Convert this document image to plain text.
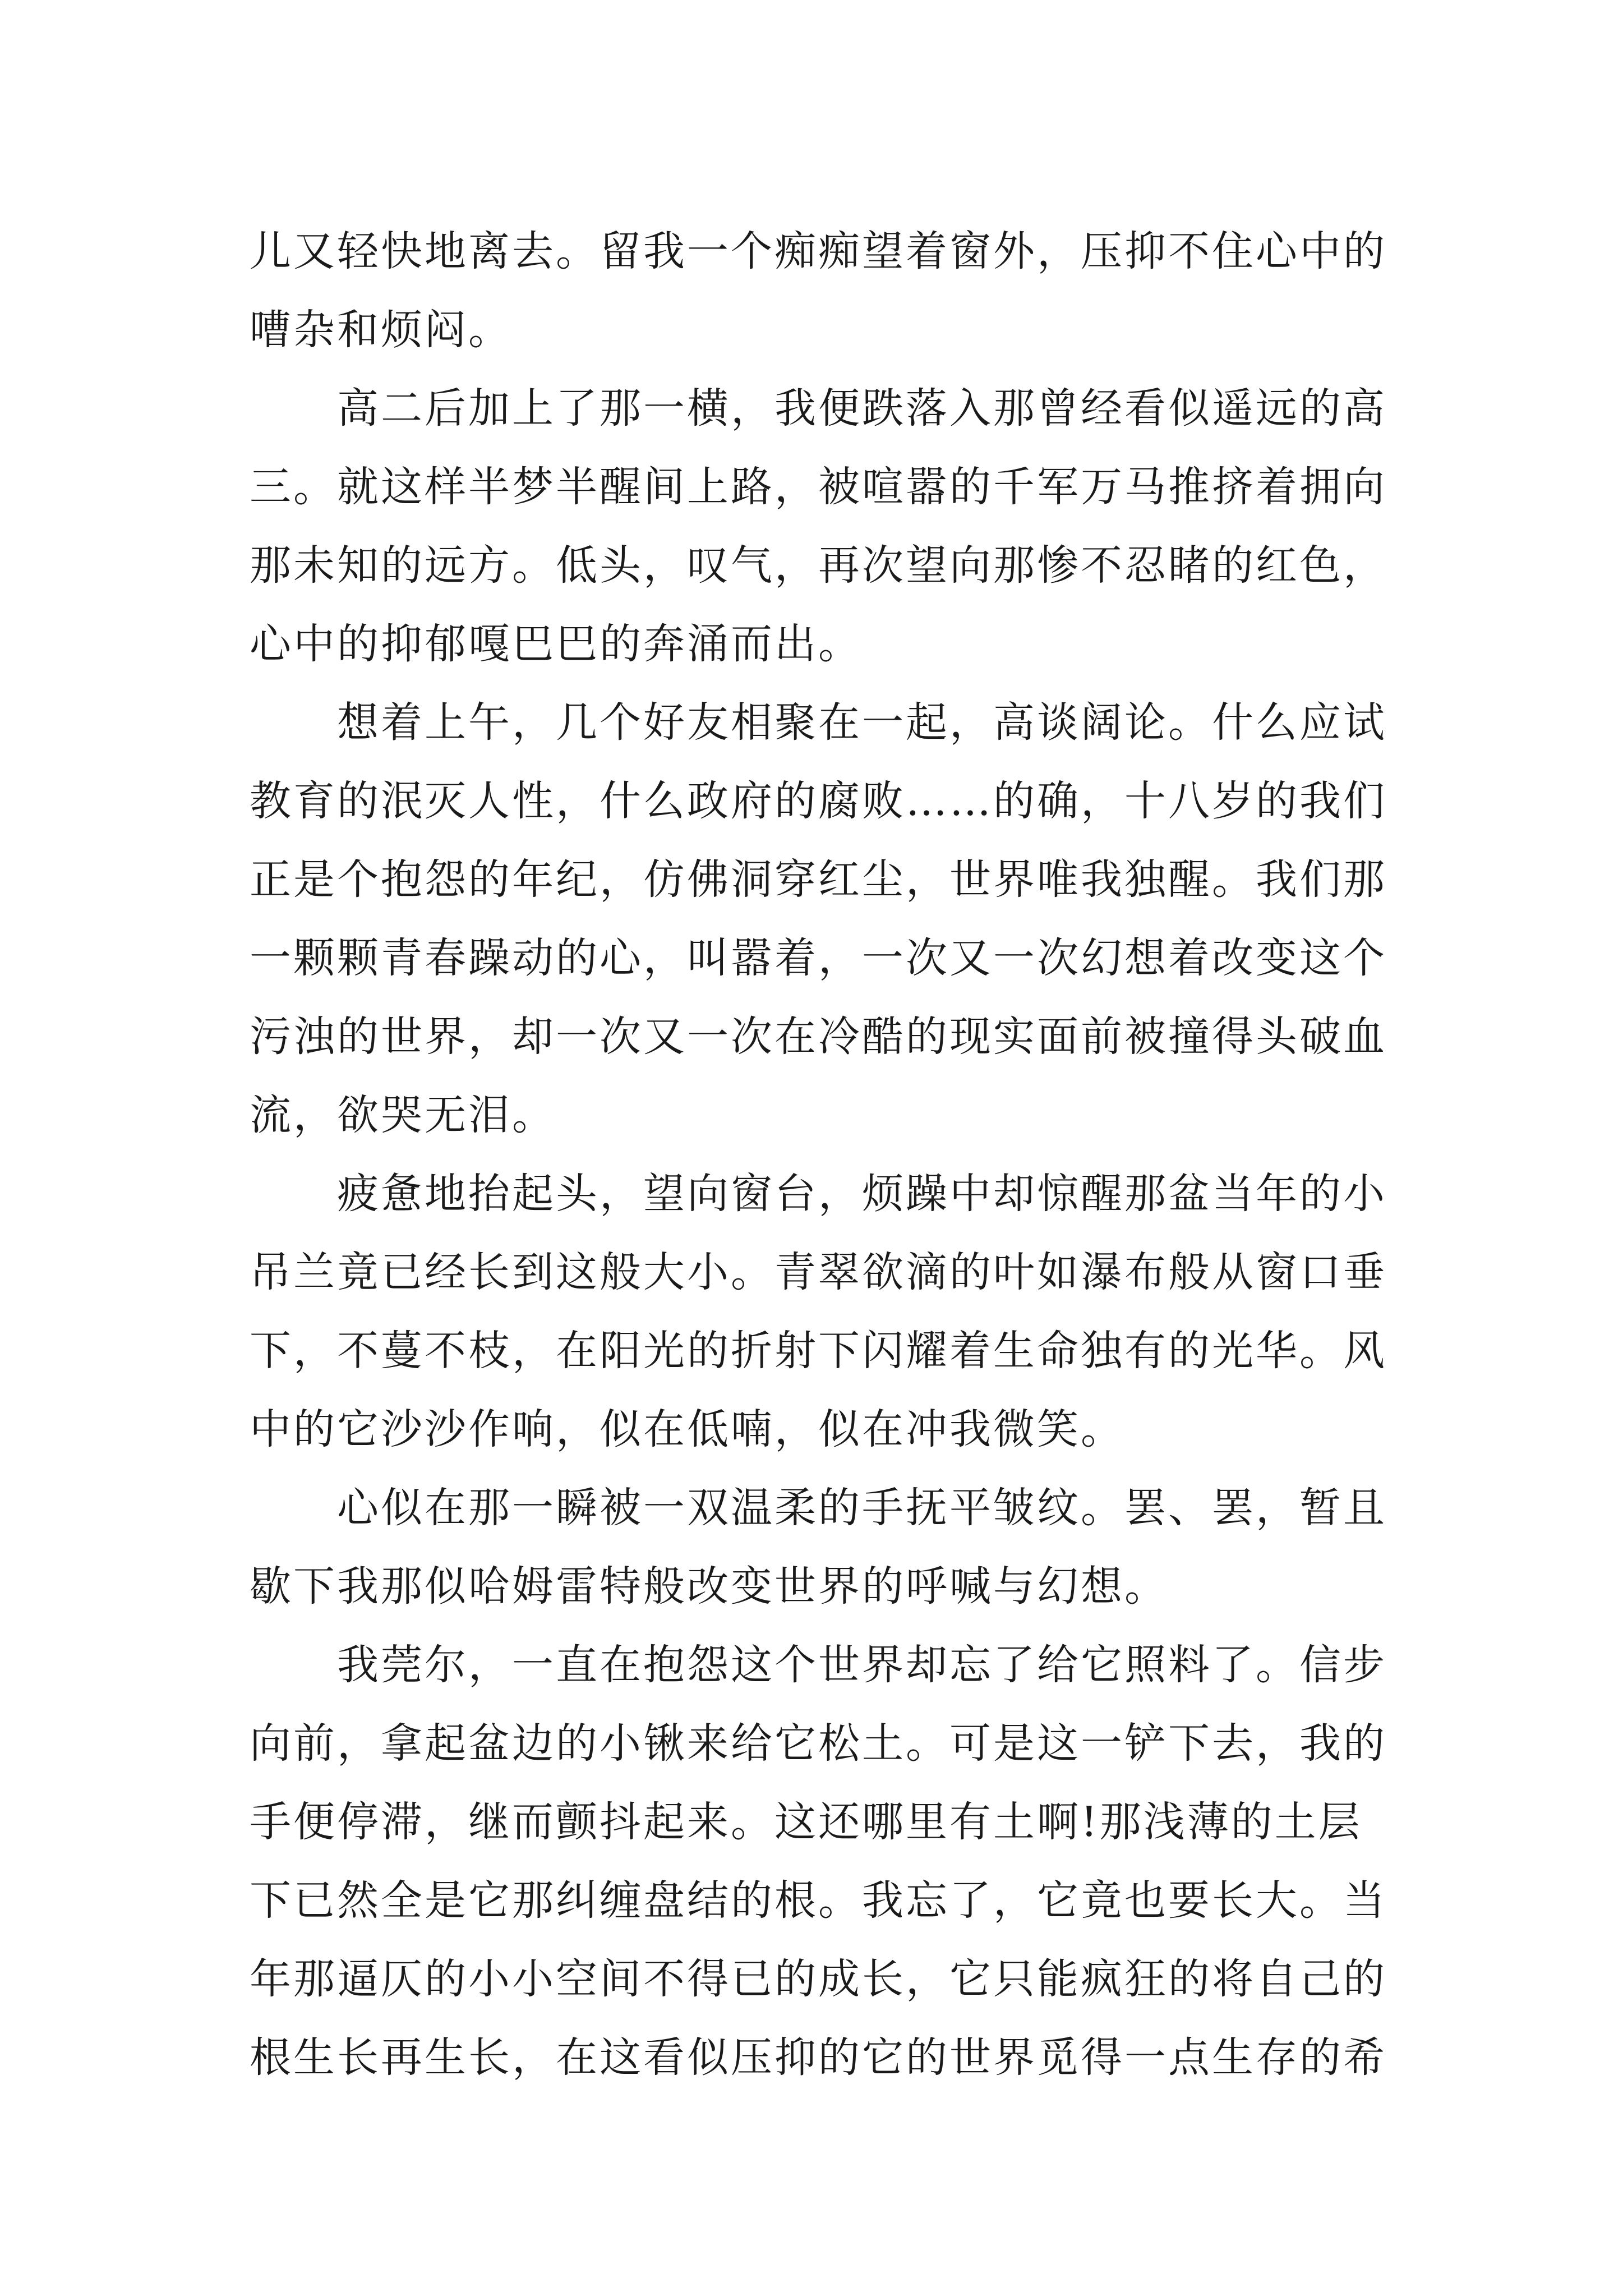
儿又轻快地离去。留我一个痴痴望着窗外，压抑不住心中的
嘈杂和烦闷。
　　高二后加上了那一横，我便跌落入那曾经看似遥远的高
三。就这样半梦半醒间上路，被喧嚣的千军万马推挤着拥向
那未知的远方。低头，叹气，再次望向那惨不忍睹的红色，
心中的抑郁嘎巴巴的奔涌而出。
　　想着上午，几个好友相聚在一起，高谈阔论。什么应试
教育的泯灭人性，什么政府的腐败……的确，十八岁的我们
正是个抱怨的年纪，仿佛洞穿红尘，世界唯我独醒。我们那
一颗颗青春躁动的心，叫嚣着，一次又一次幻想着改变这个
污浊的世界，却一次又一次在冷酷的现实面前被撞得头破血
流，欲哭无泪。
　　疲惫地抬起头，望向窗台，烦躁中却惊醒那盆当年的小
吊兰竟已经长到这般大小。青翠欲滴的叶如瀑布般从窗口垂
下，不蔓不枝，在阳光的折射下闪耀着生命独有的光华。风
中的它沙沙作响，似在低喃，似在冲我微笑。
　　心似在那一瞬被一双温柔的手抚平皱纹。罢、罢，暂且
歇下我那似哈姆雷特般改变世界的呼喊与幻想。
　　我莞尔，一直在抱怨这个世界却忘了给它照料了。信步
向前，拿起盆边的小锹来给它松土。可是这一铲下去，我的
手便停滞，继而颤抖起来。这还哪里有土啊!那浅薄的土层
下已然全是它那纠缠盘结的根。我忘了，它竟也要长大。当
年那逼仄的小小空间不得已的成长，它只能疯狂的将自己的
根生长再生长，在这看似压抑的它的世界觅得一点生存的希
